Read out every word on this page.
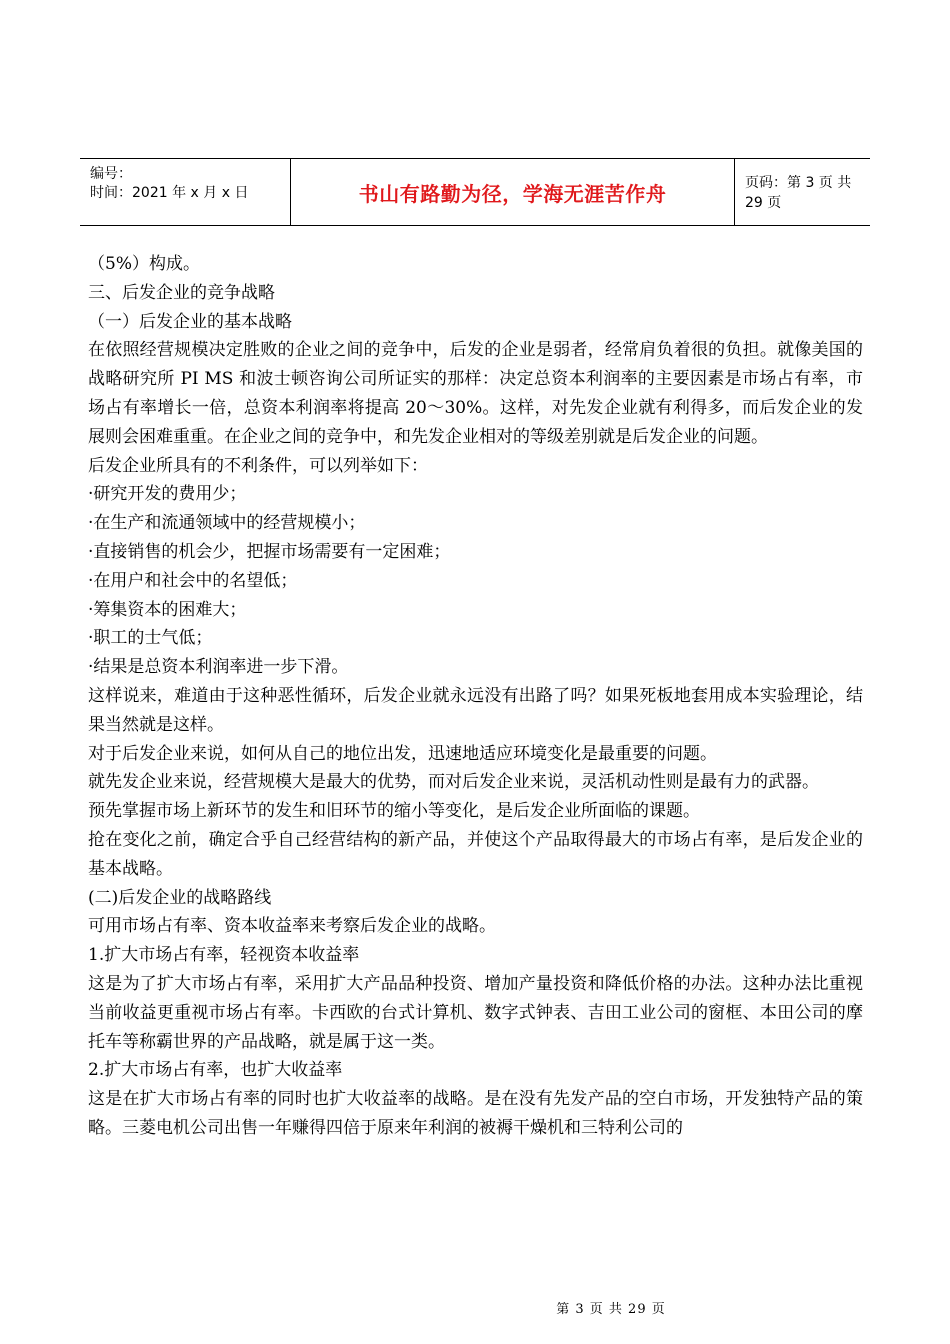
编号：
时间：2021 年 x 月 x 日	书山有路勤为径，学海无涯苦作舟	页码：第 3 页 共 29 页

（5%）构成。

三、后发企业的竞争战略

（一）后发企业的基本战略

在依照经营规模决定胜败的企业之间的竞争中，后发的企业是弱者，经常肩负着很的负担。就像美国的战略研究所 PI MS 和波士顿咨询公司所证实的那样：决定总资本利润率的主要因素是市场占有率，市场占有率增长一倍，总资本利润率将提高 20～30%。这样，对先发企业就有利得多，而后发企业的发展则会困难重重。在企业之间的竞争中，和先发企业相对的等级差别就是后发企业的问题。

后发企业所具有的不利条件，可以列举如下：

·研究开发的费用少；

·在生产和流通领域中的经营规模小；

·直接销售的机会少，把握市场需要有一定困难；

·在用户和社会中的名望低；

·筹集资本的困难大；

·职工的士气低；

·结果是总资本利润率进一步下滑。

这样说来，难道由于这种恶性循环，后发企业就永远没有出路了吗？如果死板地套用成本实验理论，结果当然就是这样。

对于后发企业来说，如何从自己的地位出发，迅速地适应环境变化是最重要的问题。

就先发企业来说，经营规模大是最大的优势，而对后发企业来说，灵活机动性则是最有力的武器。

预先掌握市场上新环节的发生和旧环节的缩小等变化，是后发企业所面临的课题。

抢在变化之前，确定合乎自己经营结构的新产品，并使这个产品取得最大的市场占有率，是后发企业的基本战略。

(二)后发企业的战略路线

可用市场占有率、资本收益率来考察后发企业的战略。

1.扩大市场占有率，轻视资本收益率

这是为了扩大市场占有率，采用扩大产品品种投资、增加产量投资和降低价格的办法。这种办法比重视当前收益更重视市场占有率。卡西欧的台式计算机、数字式钟表、吉田工业公司的窗框、本田公司的摩托车等称霸世界的产品战略，就是属于这一类。

2.扩大市场占有率，也扩大收益率

这是在扩大市场占有率的同时也扩大收益率的战略。是在没有先发产品的空白市场，开发独特产品的策略。三菱电机公司出售一年赚得四倍于原来年利润的被褥干燥机和三特利公司的

第 3 页 共 29 页
